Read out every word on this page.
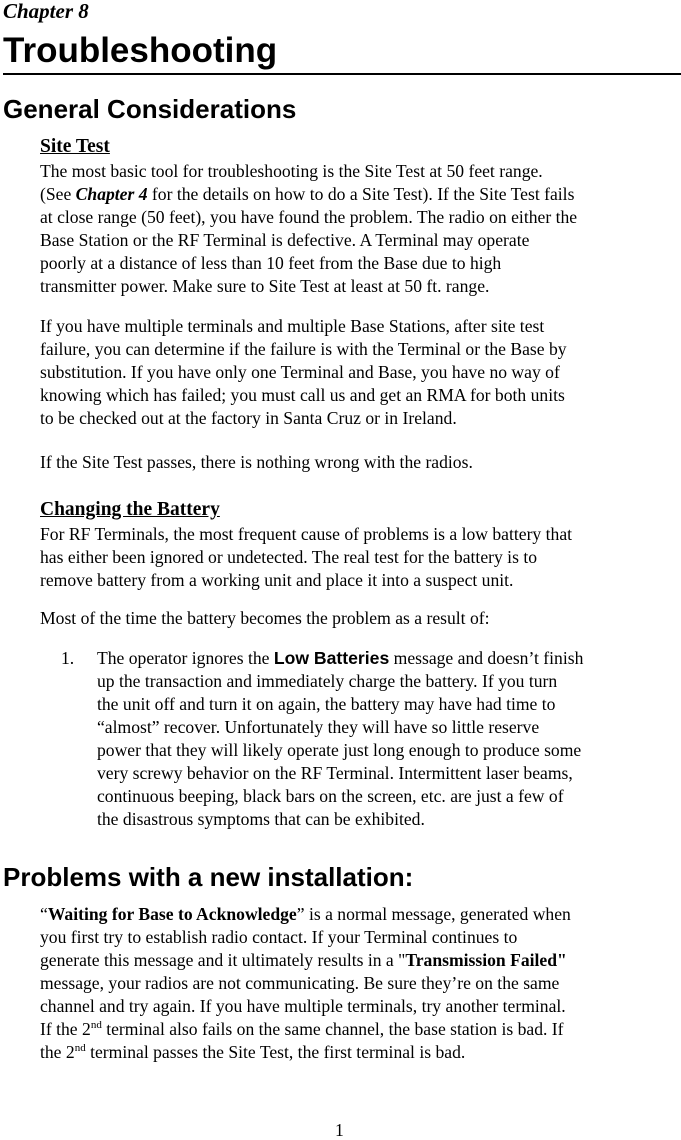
Chapter 8
Troubleshooting
General Considerations
Site Test
The most basic tool for troubleshooting is the Site Test at 50 feet range.
(See Chapter 4 for the details on how to do a Site Test). If the Site Test fails
at close range (50 feet), you have found the problem. The radio on either the
Base Station or the RF Terminal is defective. A Terminal may operate
poorly at a distance of less than 10 feet from the Base due to high
transmitter power. Make sure to Site Test at least at 50 ft. range.
If you have multiple terminals and multiple Base Stations, after site test
failure, you can determine if the failure is with the Terminal or the Base by
substitution. If you have only one Terminal and Base, you have no way of
knowing which has failed; you must call us and get an RMA for both units
to be checked out at the factory in Santa Cruz or in Ireland.
If the Site Test passes, there is nothing wrong with the radios.
Changing the Battery
For RF Terminals, the most frequent cause of problems is a low battery that
has either been ignored or undetected. The real test for the battery is to
remove battery from a working unit and place it into a suspect unit.
Most of the time the battery becomes the problem as a result of:
1. The operator ignores the Low Batteries message and doesn’t finish
up the transaction and immediately charge the battery. If you turn
the unit off and turn it on again, the battery may have had time to
“almost” recover. Unfortunately they will have so little reserve
power that they will likely operate just long enough to produce some
very screwy behavior on the RF Terminal. Intermittent laser beams,
continuous beeping, black bars on the screen, etc. are just a few of
the disastrous symptoms that can be exhibited.
Problems with a new installation:
“Waiting for Base to Acknowledge” is a normal message, generated when
you first try to establish radio contact. If your Terminal continues to
generate this message and it ultimately results in a "Transmission Failed"
message, your radios are not communicating. Be sure they’re on the same
channel and try again. If you have multiple terminals, try another terminal.
If the 2nd terminal also fails on the same channel, the base station is bad. If
the 2nd terminal passes the Site Test, the first terminal is bad.
1
